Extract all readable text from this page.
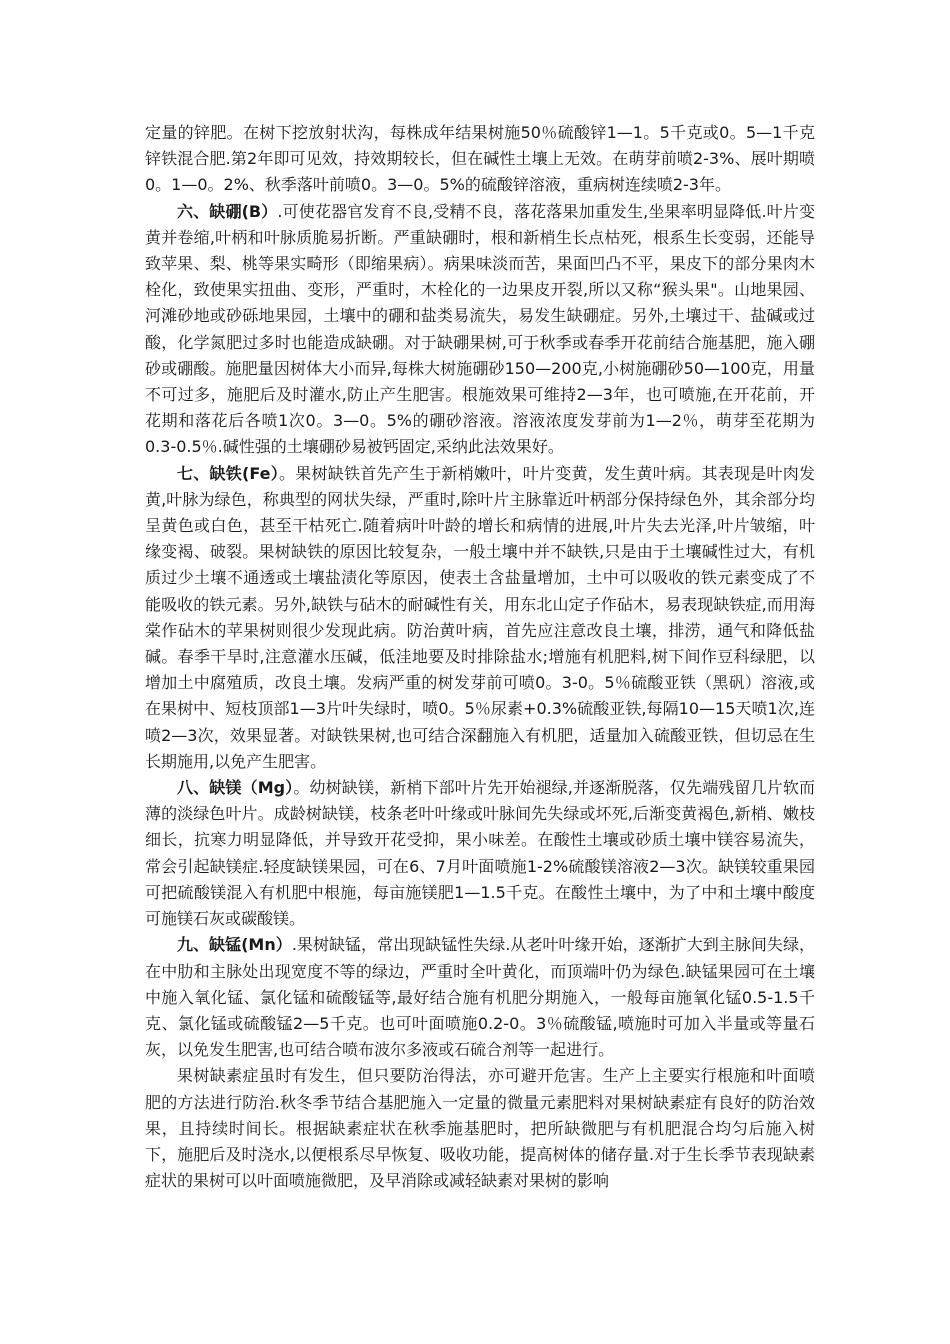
定量的锌肥。在树下挖放射状沟，每株成年结果树施50％硫酸锌1—1。5千克或0。5—1千克锌铁混合肥.第2年即可见效，持效期较长，但在碱性土壤上无效。在萌芽前喷2-3%、展叶期喷0。1—0。2%、秋季落叶前喷0。3—0。5%的硫酸锌溶液，重病树连续喷2-3年。

六、缺硼(B）.可使花器官发育不良,受精不良，落花落果加重发生,坐果率明显降低.叶片变黄并卷缩,叶柄和叶脉质脆易折断。严重缺硼时，根和新梢生长点枯死，根系生长变弱，还能导致苹果、梨、桃等果实畸形（即缩果病）。病果味淡而苦，果面凹凸不平，果皮下的部分果肉木栓化，致使果实扭曲、变形，严重时，木栓化的一边果皮开裂,所以又称“猴头果"。山地果园、河滩砂地或砂砾地果园，土壤中的硼和盐类易流失，易发生缺硼症。另外,土壤过干、盐碱或过酸，化学氮肥过多时也能造成缺硼。对于缺硼果树,可于秋季或春季开花前结合施基肥，施入硼砂或硼酸。施肥量因树体大小而异,每株大树施硼砂150—200克,小树施硼砂50—100克，用量不可过多，施肥后及时灌水,防止产生肥害。根施效果可维持2—3年，也可喷施,在开花前，开花期和落花后各喷1次0。3—0。5%的硼砂溶液。溶液浓度发芽前为1—2％，萌芽至花期为0.3-0.5％.碱性强的土壤硼砂易被钙固定,采纳此法效果好。

七、缺铁(Fe）。果树缺铁首先产生于新梢嫩叶，叶片变黄，发生黄叶病。其表现是叶肉发黄,叶脉为绿色，称典型的网状失绿，严重时,除叶片主脉靠近叶柄部分保持绿色外，其余部分均呈黄色或白色，甚至干枯死亡.随着病叶叶龄的增长和病情的进展,叶片失去光泽,叶片皱缩，叶缘变褐、破裂。果树缺铁的原因比较复杂，一般土壤中并不缺铁,只是由于土壤碱性过大，有机质过少土壤不通透或土壤盐渍化等原因，使表土含盐量增加，土中可以吸收的铁元素变成了不能吸收的铁元素。另外,缺铁与砧木的耐碱性有关，用东北山定子作砧木，易表现缺铁症,而用海棠作砧木的苹果树则很少发现此病。防治黄叶病，首先应注意改良土壤，排涝，通气和降低盐碱。春季干旱时,注意灌水压碱，低洼地要及时排除盐水;增施有机肥料,树下间作豆科绿肥，以增加土中腐殖质，改良土壤。发病严重的树发芽前可喷0。3-0。5％硫酸亚铁（黑矾）溶液,或在果树中、短枝顶部1—3片叶失绿时，喷0。5％尿素+0.3%硫酸亚铁,每隔10—15天喷1次,连喷2—3次，效果显著。对缺铁果树,也可结合深翻施入有机肥，适量加入硫酸亚铁，但切忌在生长期施用,以免产生肥害。

八、缺镁（Mg）。幼树缺镁，新梢下部叶片先开始褪绿,并逐渐脱落，仅先端残留几片软而薄的淡绿色叶片。成龄树缺镁，枝条老叶叶缘或叶脉间先失绿或坏死,后渐变黄褐色,新梢、嫩枝细长，抗寒力明显降低，并导致开花受抑，果小味差。在酸性土壤或砂质土壤中镁容易流失，常会引起缺镁症.轻度缺镁果园，可在6、7月叶面喷施1-2%硫酸镁溶液2—3次。缺镁较重果园可把硫酸镁混入有机肥中根施，每亩施镁肥1—1.5千克。在酸性土壤中，为了中和土壤中酸度可施镁石灰或碳酸镁。

九、缺锰(Mn）.果树缺锰，常出现缺锰性失绿.从老叶叶缘开始，逐渐扩大到主脉间失绿，在中肋和主脉处出现宽度不等的绿边，严重时全叶黄化，而顶端叶仍为绿色.缺锰果园可在土壤中施入氧化锰、氯化锰和硫酸锰等,最好结合施有机肥分期施入，一般每亩施氧化锰0.5-1.5千克、氯化锰或硫酸锰2—5千克。也可叶面喷施0.2-0。3％硫酸锰,喷施时可加入半量或等量石灰，以免发生肥害,也可结合喷布波尔多液或石硫合剂等一起进行。

果树缺素症虽时有发生，但只要防治得法，亦可避开危害。生产上主要实行根施和叶面喷肥的方法进行防治.秋冬季节结合基肥施入一定量的微量元素肥料对果树缺素症有良好的防治效果，且持续时间长。根据缺素症状在秋季施基肥时，把所缺微肥与有机肥混合均匀后施入树下，施肥后及时浇水,以便根系尽早恢复、吸收功能，提高树体的储存量.对于生长季节表现缺素症状的果树可以叶面喷施微肥，及早消除或减轻缺素对果树的影响
